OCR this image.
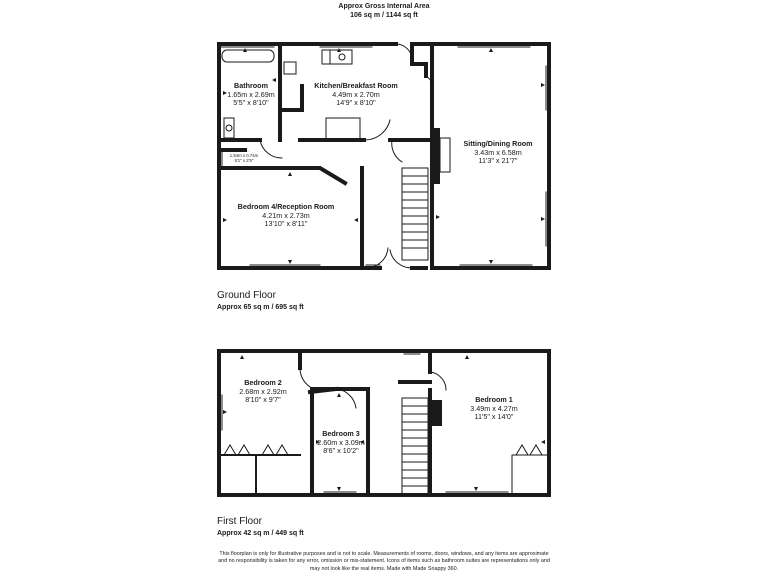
Approx Gross Internal Area
106 sq m / 1144 sq ft
Bathroom
1.65m x 2.69m
5'5" x 8'10"
Kitchen/Breakfast Room
4.49m x 2.70m
14'9" x 8'10"
Sitting/Dining Room
3.43m x 6.58m
11'3" x 21'7"
W.C.
1.54m x 0.74m
5'1" x 2'5"
Bedroom 4/Reception Room
4.21m x 2.73m
13'10" x 8'11"
Ground Floor
Approx 65 sq m / 695 sq ft
Bedroom 2
2.68m x 2.92m
8'10" x 9'7"
Bedroom 3
2.60m x 3.09m
8'6" x 10'2"
Bedroom 1
3.49m x 4.27m
11'5" x 14'0"
First Floor
Approx 42 sq m / 449 sq ft
This floorplan is only for illustrative purposes and is not to scale. Measurements of rooms, doors, windows, and any items are approximate
and no responsibility is taken for any error, omission or mis-statement. Icons of items such as bathroom suites are representations only and
may not look like the real items. Made with Made Snappy 360.
